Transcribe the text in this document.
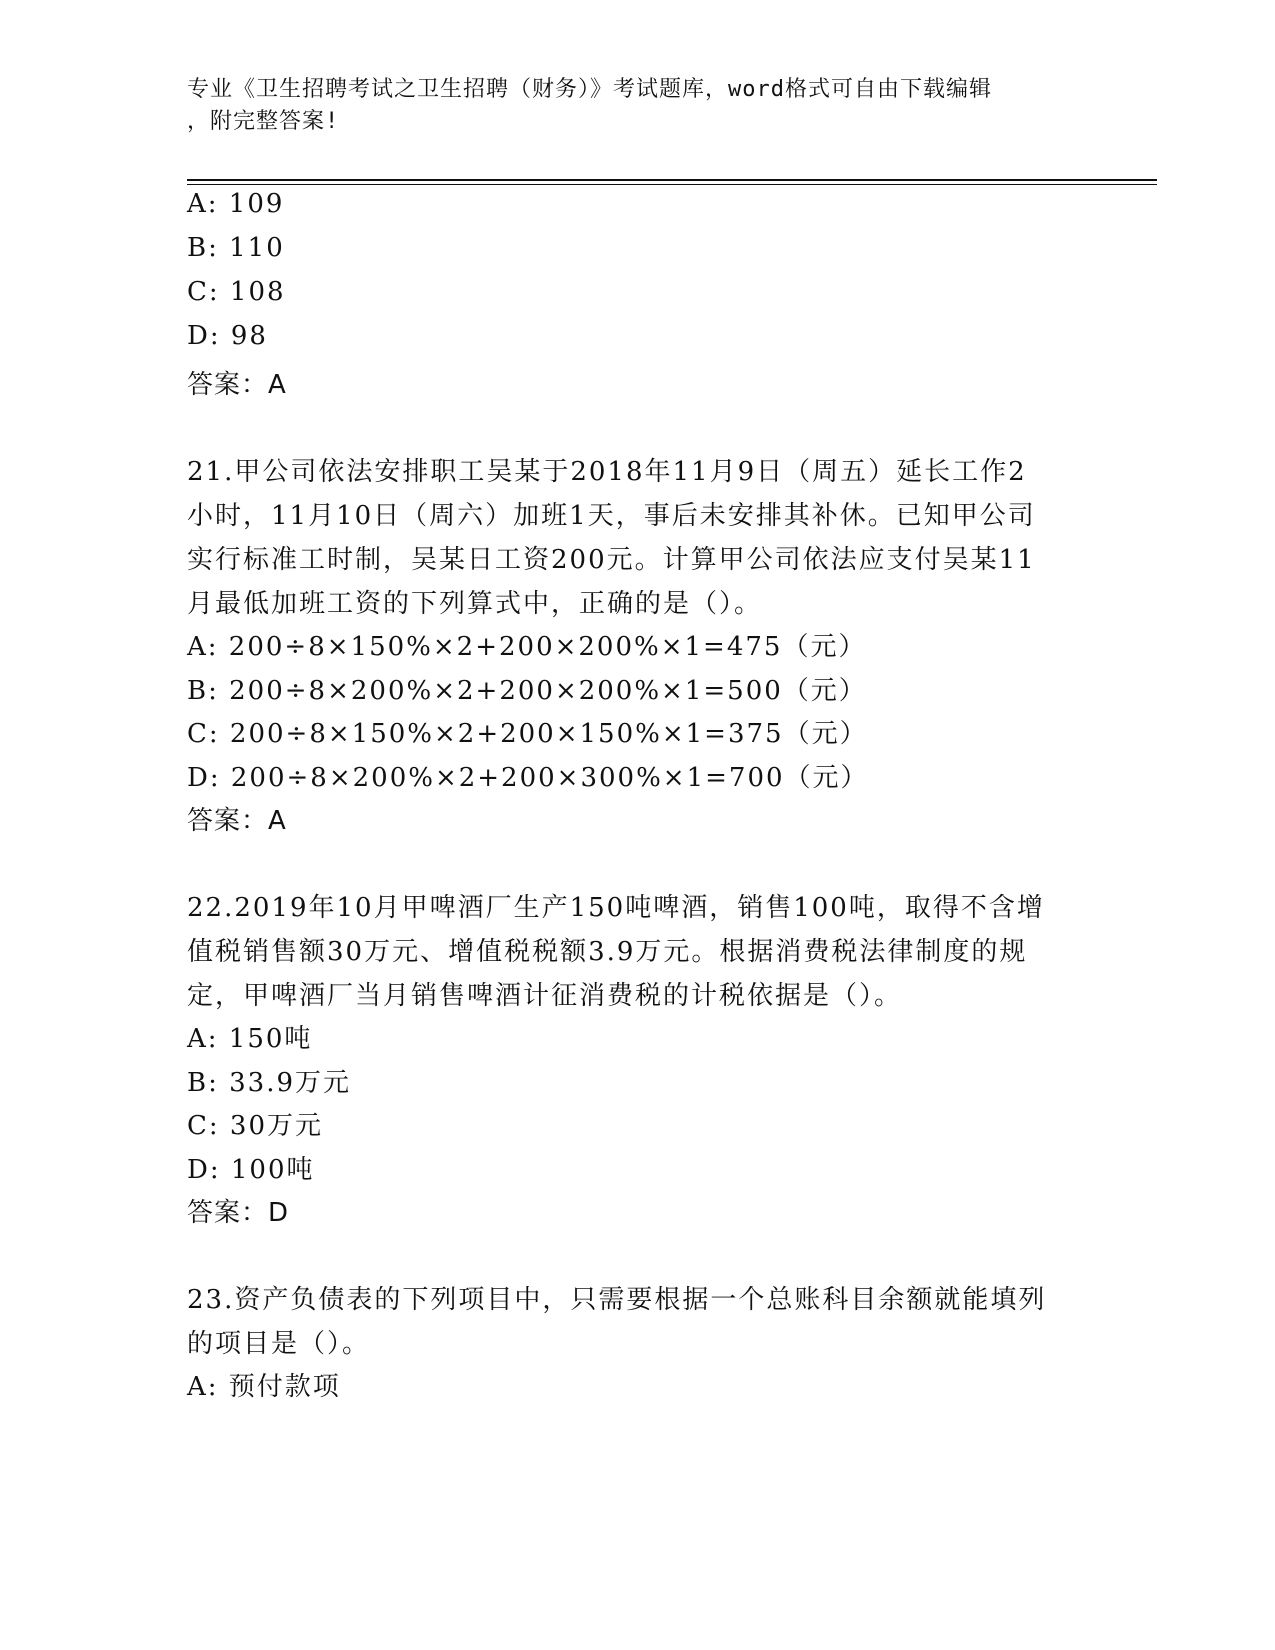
专业《卫生招聘考试之卫生招聘（财务）》考试题库，word格式可自由下载编辑
，附完整答案!
A: 109
B: 110
C: 108
D: 98
答案：A
21.甲公司依法安排职工吴某于2018年11月9日（周五）延长工作2
小时，11月10日（周六）加班1天，事后未安排其补休。已知甲公司
实行标准工时制，吴某日工资200元。计算甲公司依法应支付吴某11
月最低加班工资的下列算式中，正确的是（）。
A: 200÷8×150%×2+200×200%×1=475（元）
B: 200÷8×200%×2+200×200%×1=500（元）
C: 200÷8×150%×2+200×150%×1=375（元）
D: 200÷8×200%×2+200×300%×1=700（元）
答案：A
22.2019年10月甲啤酒厂生产150吨啤酒，销售100吨，取得不含增
值税销售额30万元、增值税税额3.9万元。根据消费税法律制度的规
定，甲啤酒厂当月销售啤酒计征消费税的计税依据是（）。
A: 150吨
B: 33.9万元
C: 30万元
D: 100吨
答案：D
23.资产负债表的下列项目中，只需要根据一个总账科目余额就能填列
的项目是（）。
A: 预付款项
